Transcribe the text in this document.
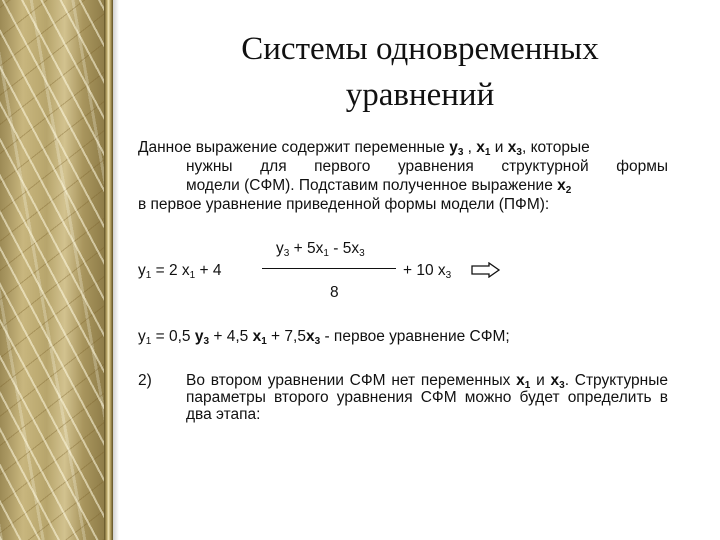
Системы одновременных
уравнений
Данное выражение содержит переменные $y_3$ , $x_1$ и $x_3$, которые
нужны для первого уравнения структурной формы
модели (СФМ). Подставим полученное выражение $x_2$
в первое уравнение приведенной формы модели (ПФМ):
$y_3 + 5x_1 - 5x_3$
$y_1 = 2$ $x_1 + 4$	+ 10 $x_3$
8
$y_1 = 0,5$ $y_3 + 4,5$ $x_1 + 7,5x_3$ - первое уравнение СФМ;
2) Во втором уравнении СФМ нет переменных $x_1$ и $x_3$. Структурные параметры второго уравнения СФМ можно будет определить в два этапа:
